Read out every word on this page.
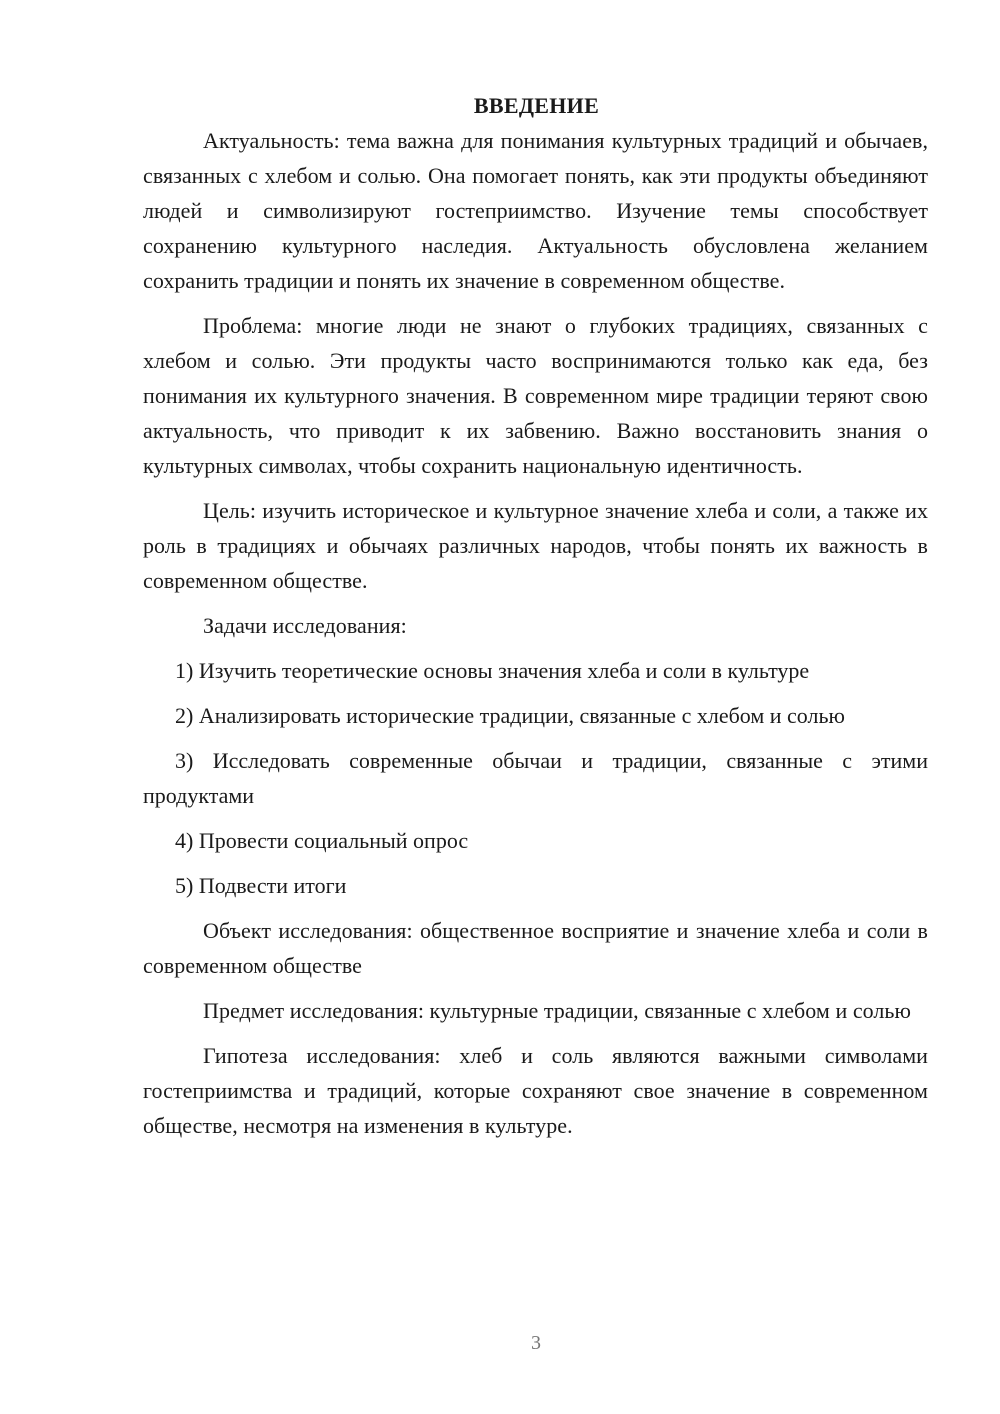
ВВЕДЕНИЕ

Актуальность: тема важна для понимания культурных традиций и обычаев, связанных с хлебом и солью. Она помогает понять, как эти продукты объединяют людей и символизируют гостеприимство. Изучение темы способствует сохранению культурного наследия. Актуальность обусловлена желанием сохранить традиции и понять их значение в современном обществе.

Проблема: многие люди не знают о глубоких традициях, связанных с хлебом и солью. Эти продукты часто воспринимаются только как еда, без понимания их культурного значения. В современном мире традиции теряют свою актуальность, что приводит к их забвению. Важно восстановить знания о культурных символах, чтобы сохранить национальную идентичность.

Цель: изучить историческое и культурное значение хлеба и соли, а также их роль в традициях и обычаях различных народов, чтобы понять их важность в современном обществе.

Задачи исследования:

1) Изучить теоретические основы значения хлеба и соли в культуре

2) Анализировать исторические традиции, связанные с хлебом и солью

3) Исследовать современные обычаи и традиции, связанные с этими продуктами

4) Провести социальный опрос

5) Подвести итоги

Объект исследования: общественное восприятие и значение хлеба и соли в современном обществе

Предмет исследования: культурные традиции, связанные с хлебом и солью

Гипотеза исследования: хлеб и соль являются важными символами гостеприимства и традиций, которые сохраняют свое значение в современном обществе, несмотря на изменения в культуре.

3
